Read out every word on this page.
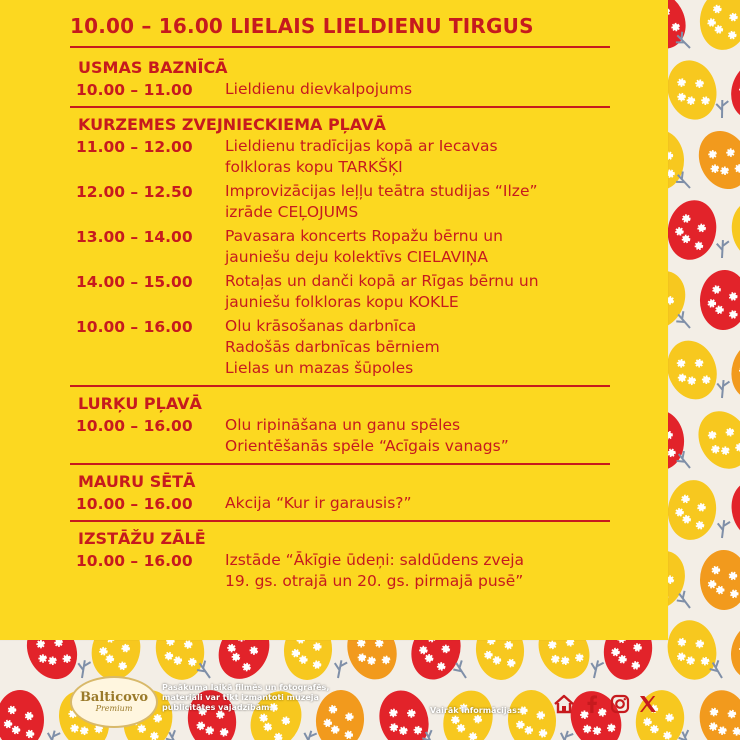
10.00 – 16.00 LIELAIS LIELDIENU TIRGUS
USMAS BAZNĪCĀ
10.00 – 11.00 Lieldienu dievkalpojums
KURZEMES ZVEJNIECKIEMA PĻAVĀ
11.00 – 12.00 Lieldienu tradīcijas kopā ar Iecavas
folkloras kopu TARKŠĶI
12.00 – 12.50 Improvizācijas leļļu teātra studijas “Ilze”
izrāde CEĻOJUMS
13.00 – 14.00 Pavasara koncerts Ropažu bērnu un
jauniešu deju kolektīvs CIELAVIŅA
14.00 – 15.00 Rotaļas un danči kopā ar Rīgas bērnu un
jauniešu folkloras kopu KOKLE
10.00 – 16.00 Olu krāsošanas darbnīca
Radošās darbnīcas bērniem
Lielas un mazas šūpoles
LURĶU PĻAVĀ
10.00 – 16.00 Olu ripināšana un ganu spēles
Orientēšanās spēle “Acīgais vanags”
MAURU SĒTĀ
10.00 – 16.00 Akcija “Kur ir garausis?”
IZSTĀŽU ZĀLĒ
10.00 – 16.00 Izstāde “Ākīgie ūdeņi: saldūdens zveja
19. gs. otrajā un 20. gs. pirmajā pusē”
Balticovo
Premium
Pasākuma laikā filmēs un fotografēs,
materiāli var tikt izmantoti muzeja
publicitātes vajadzībām.	Vairāk informācijas:
